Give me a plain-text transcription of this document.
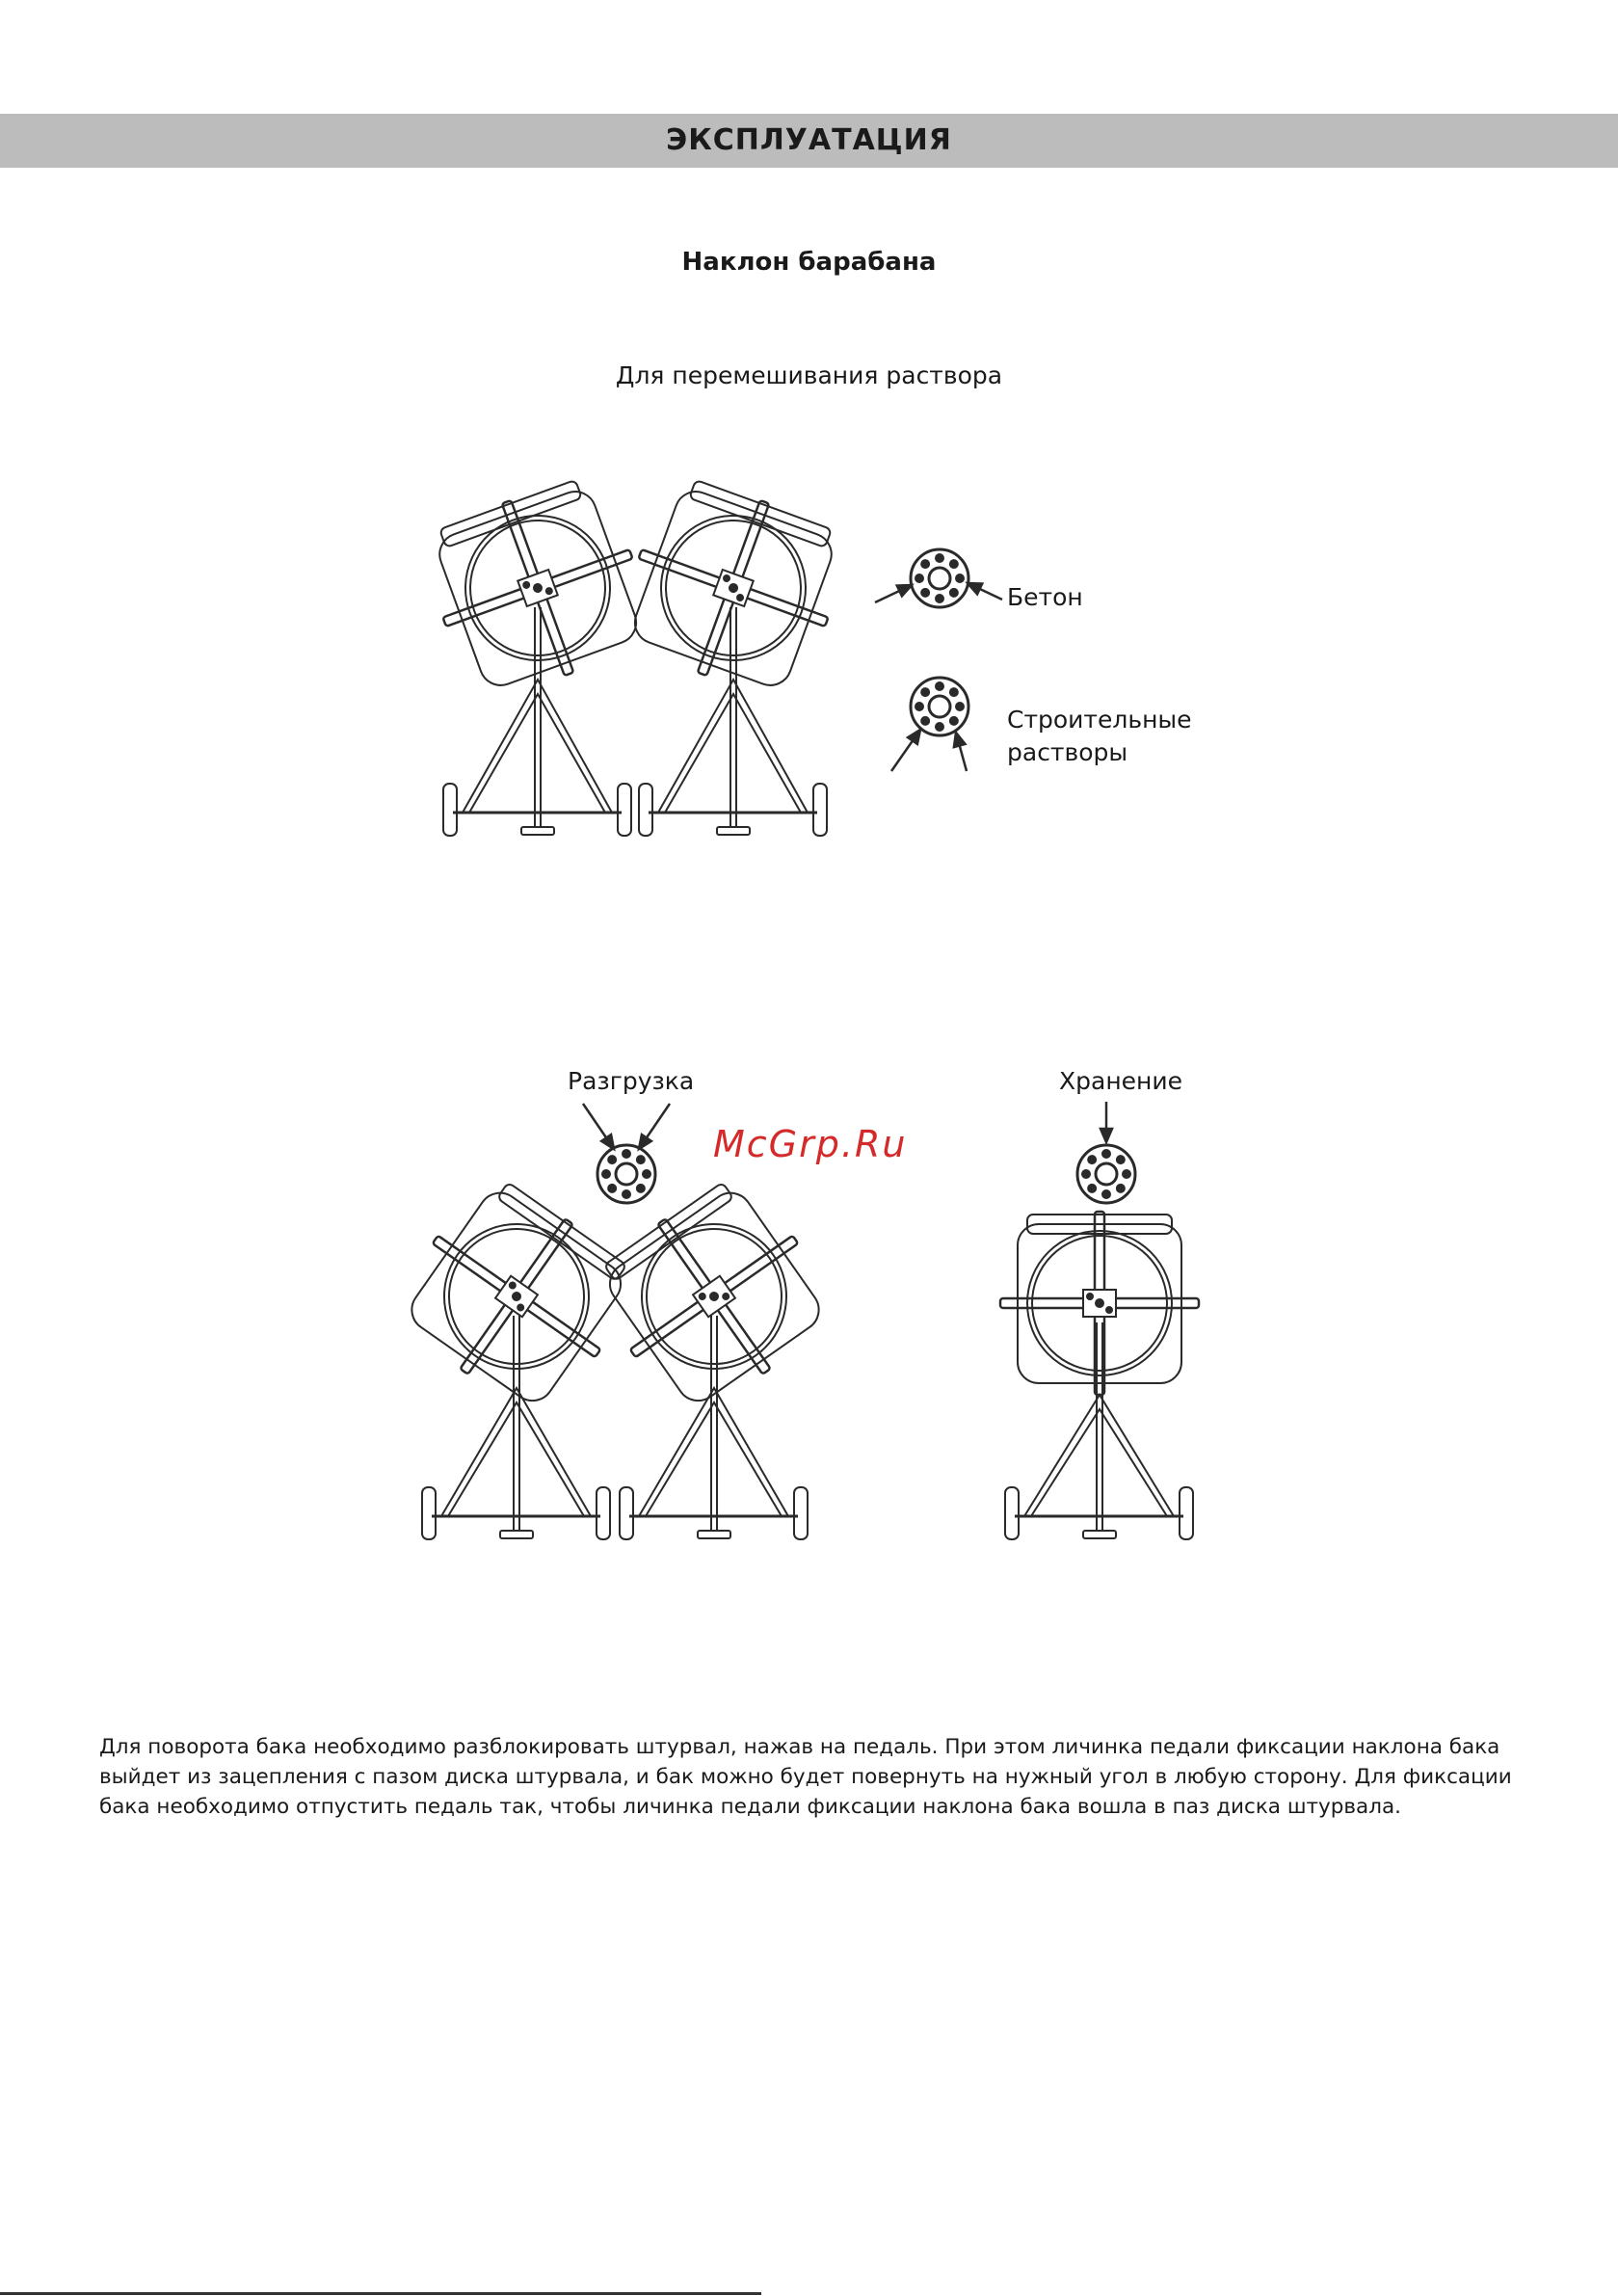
ЭКСПЛУАТАЦИЯ
Наклон барабана
Для перемешивания раствора
Бетон
Строительные
растворы
Разгрузка	Хранение
McGrp.Ru
Для поворота бака необходимо разблокировать штурвал, нажав на педаль. При этом личинка педали фиксации наклона бака выйдет из зацепления с пазом диска штурвала, и бак можно будет повернуть на нужный угол в любую сторону. Для фиксации бака необходимо отпустить педаль так, чтобы личинка педали фиксации наклона бака вошла в паз диска штурвала.
